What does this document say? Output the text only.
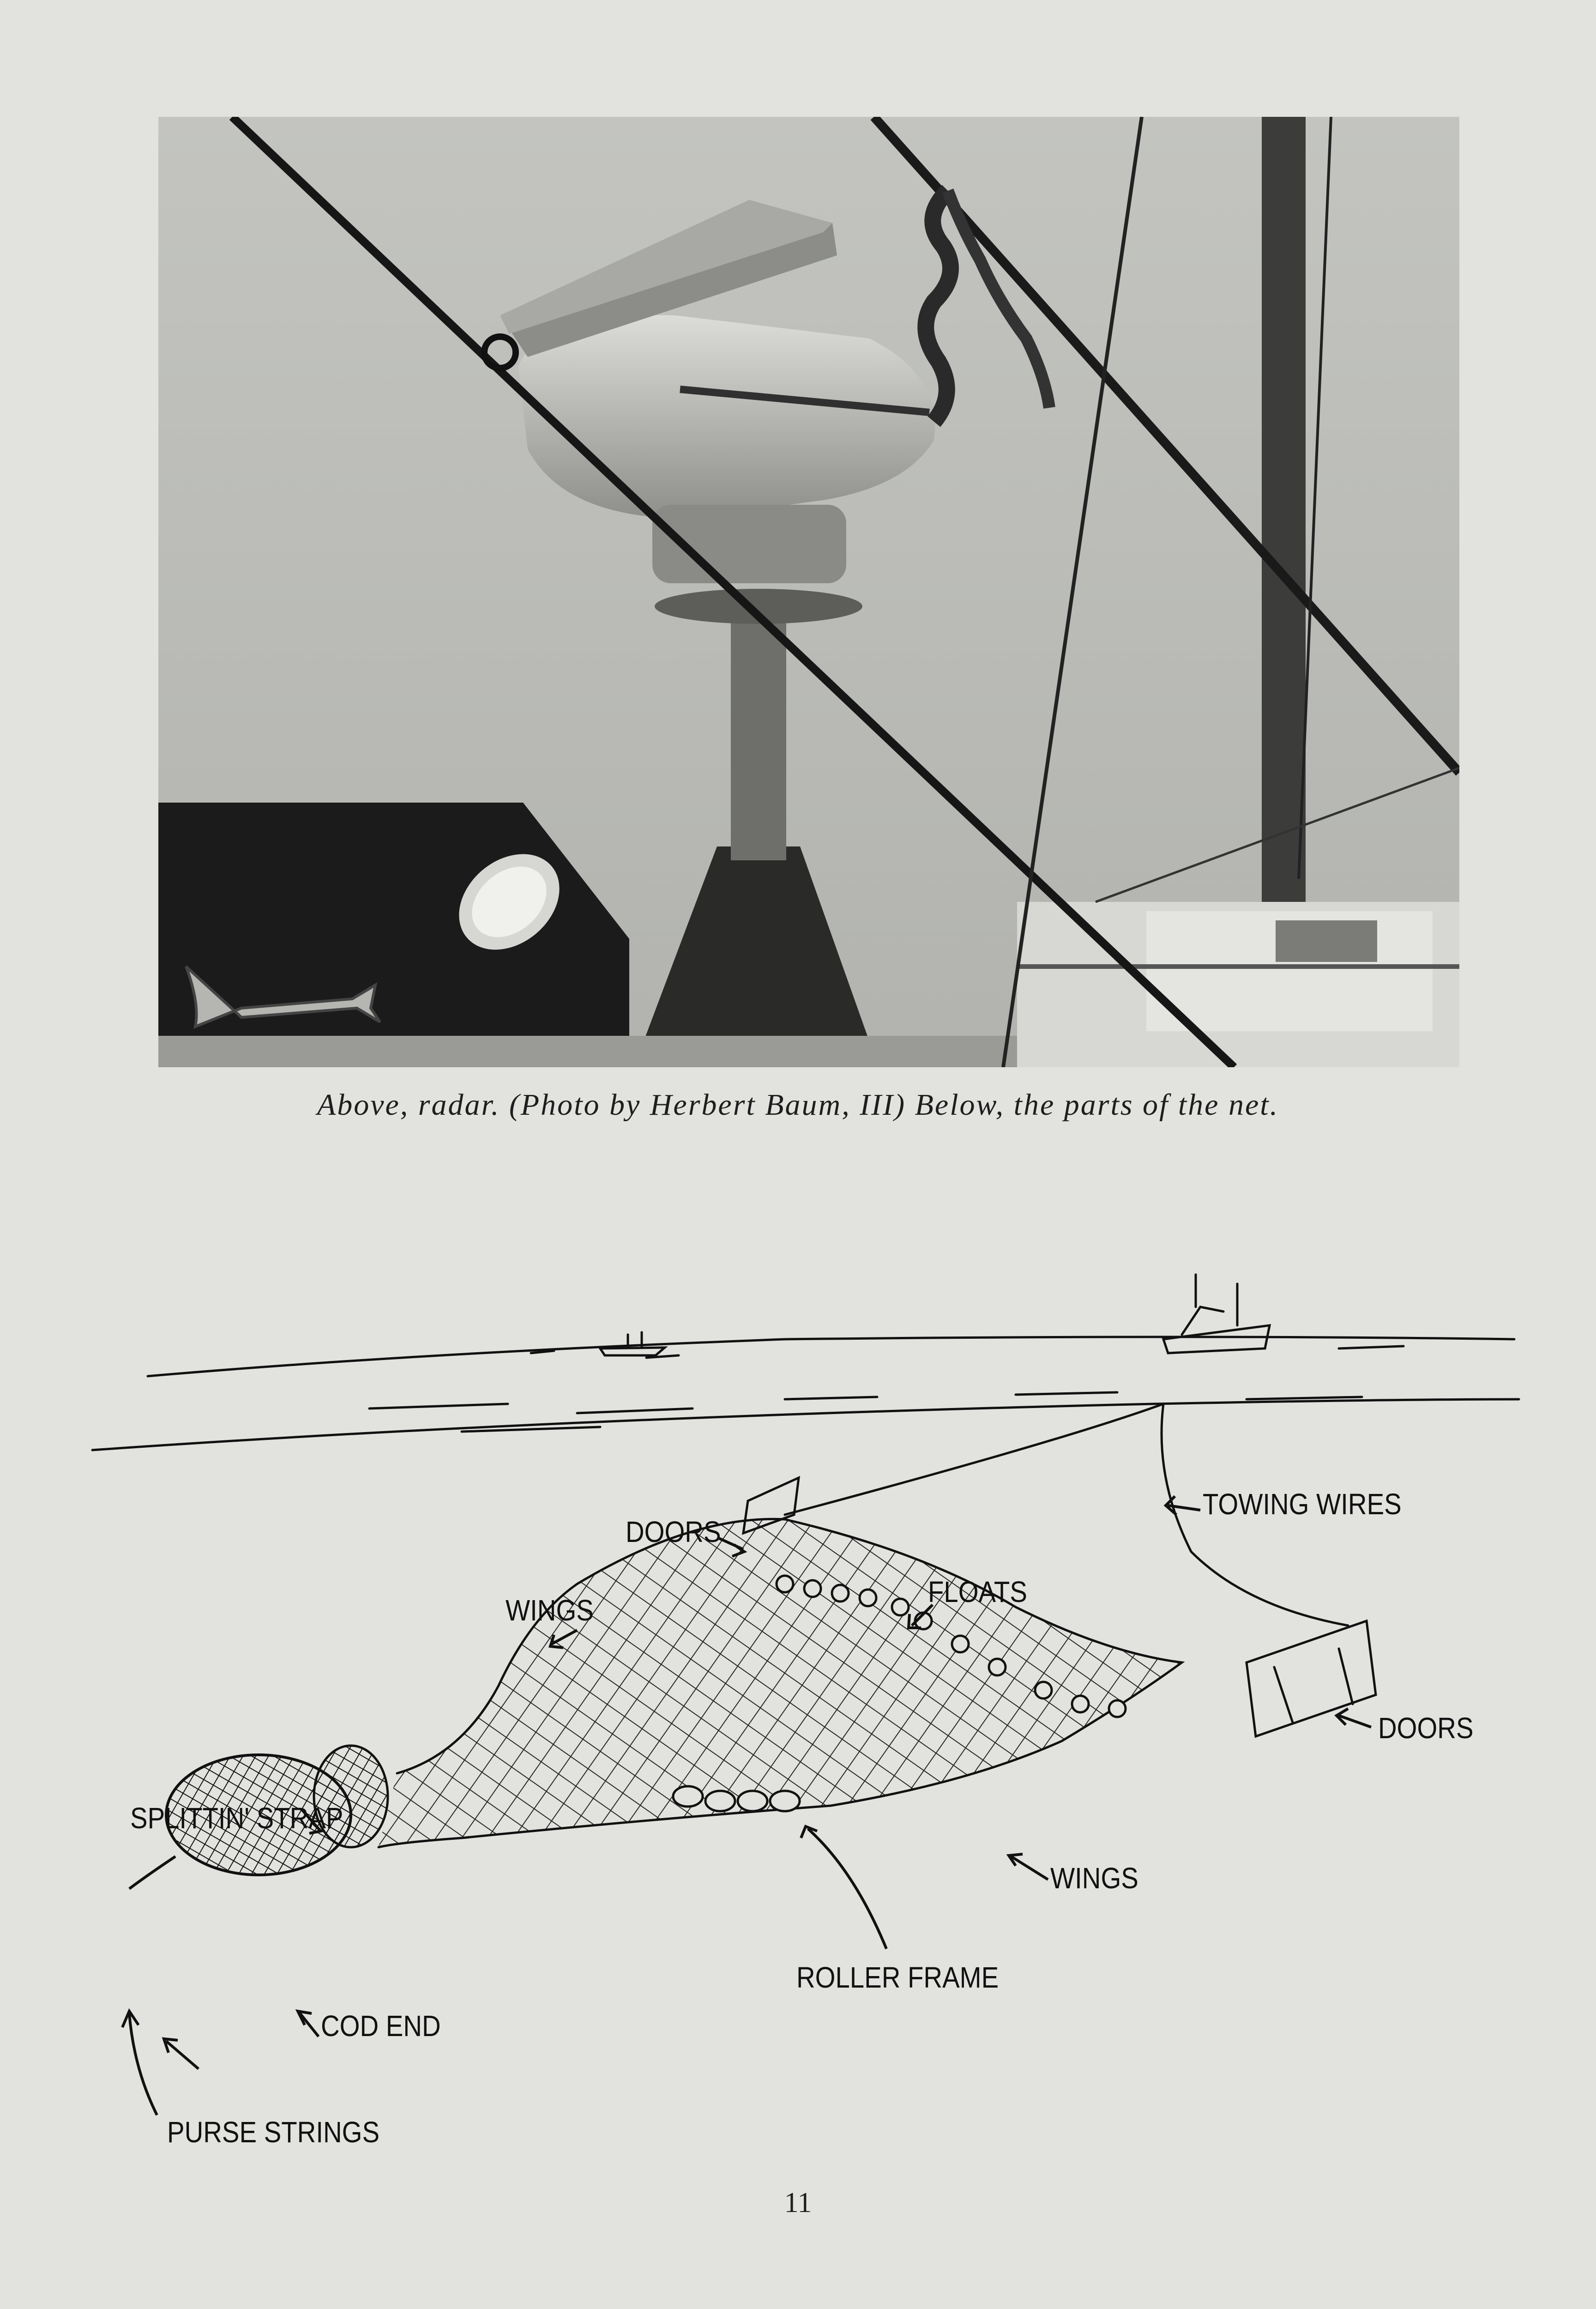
Above, radar. (Photo by Herbert Baum, III) Below, the parts of the net.
TOWING WIRES
DOORS
FLOATS
WINGS
DOORS
SPLITTIN' STRAP
WINGS
ROLLER FRAME
COD END
PURSE STRINGS
11
